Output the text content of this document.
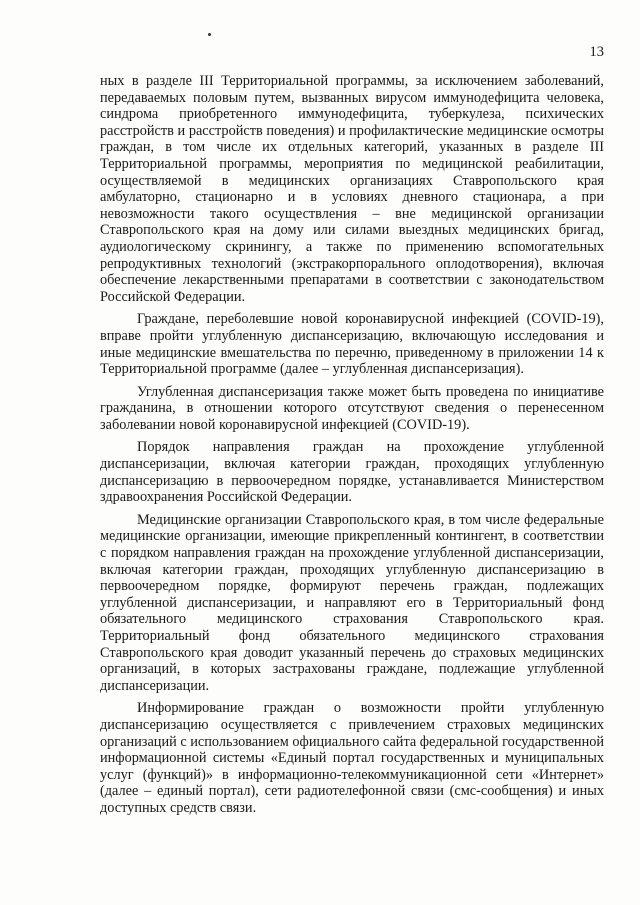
13

ных в разделе III Территориальной программы, за исключением заболеваний, передаваемых половым путем, вызванных вирусом иммунодефицита человека, синдрома приобретенного иммунодефицита, туберкулеза, психических расстройств и расстройств поведения) и профилактические медицинские осмотры граждан, в том числе их отдельных категорий, указанных в разделе III Территориальной программы, мероприятия по медицинской реабилитации, осуществляемой в медицинских организациях Ставропольского края амбулаторно, стационарно и в условиях дневного стационара, а при невозможности такого осуществления – вне медицинской организации Ставропольского края на дому или силами выездных медицинских бригад, аудиологическому скринингу, а также по применению вспомогательных репродуктивных технологий (экстракорпорального оплодотворения), включая обеспечение лекарственными препаратами в соответствии с законодательством Российской Федерации.

Граждане, переболевшие новой коронавирусной инфекцией (COVID-19), вправе пройти углубленную диспансеризацию, включающую исследования и иные медицинские вмешательства по перечню, приведенному в приложении 14 к Территориальной программе (далее – углубленная диспансеризация).

Углубленная диспансеризация также может быть проведена по инициативе гражданина, в отношении которого отсутствуют сведения о перенесенном заболевании новой коронавирусной инфекцией (COVID-19).

Порядок направления граждан на прохождение углубленной диспансеризации, включая категории граждан, проходящих углубленную диспансеризацию в первоочередном порядке, устанавливается Министерством здравоохранения Российской Федерации.

Медицинские организации Ставропольского края, в том числе федеральные медицинские организации, имеющие прикрепленный контингент, в соответствии с порядком направления граждан на прохождение углубленной диспансеризации, включая категории граждан, проходящих углубленную диспансеризацию в первоочередном порядке, формируют перечень граждан, подлежащих углубленной диспансеризации, и направляют его в Территориальный фонд обязательного медицинского страхования Ставропольского края. Территориальный фонд обязательного медицинского страхования Ставропольского края доводит указанный перечень до страховых медицинских организаций, в которых застрахованы граждане, подлежащие углубленной диспансеризации.

Информирование граждан о возможности пройти углубленную диспансеризацию осуществляется с привлечением страховых медицинских организаций с использованием официального сайта федеральной государственной информационной системы «Единый портал государственных и муниципальных услуг (функций)» в информационно-телекоммуникационной сети «Интернет» (далее – единый портал), сети радиотелефонной связи (смс-сообщения) и иных доступных средств связи.
